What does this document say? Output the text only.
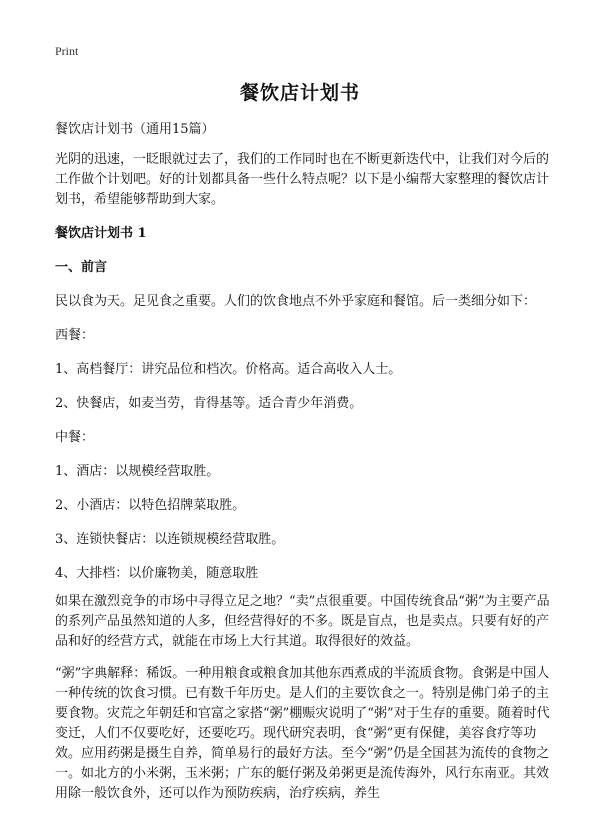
Print
餐饮店计划书

餐饮店计划书（通用15篇）

光阴的迅速，一眨眼就过去了，我们的工作同时也在不断更新迭代中，让我们对今后的工作做个计划吧。好的计划都具备一些什么特点呢？以下是小编帮大家整理的餐饮店计划书，希望能够帮助到大家。

餐饮店计划书 1

一、前言

民以食为天。足见食之重要。人们的饮食地点不外乎家庭和餐馆。后一类细分如下：

西餐：

1、高档餐厅：讲究品位和档次。价格高。适合高收入人士。

2、快餐店，如麦当劳，肯得基等。适合青少年消费。

中餐：

1、酒店：以规模经营取胜。

2、小酒店：以特色招牌菜取胜。

3、连锁快餐店：以连锁规模经营取胜。

4、大排档：以价廉物美，随意取胜

如果在激烈竞争的市场中寻得立足之地？“卖”点很重要。中国传统食品“粥”为主要产品的系列产品虽然知道的人多，但经营得好的不多。既是盲点，也是卖点。只要有好的产品和好的经营方式，就能在市场上大行其道。取得很好的效益。

“粥”字典解释：稀饭。一种用粮食或粮食加其他东西煮成的半流质食物。食粥是中国人一种传统的饮食习惯。已有数千年历史。是人们的主要饮食之一。特别是佛门弟子的主要食物。灾荒之年朝廷和官富之家搭“粥”棚赈灾说明了“粥”对于生存的重要。随着时代变迁，人们不仅要吃好，还要吃巧。现代研究表明，食“粥”更有保健，美容食疗等功效。应用药粥是摄生自养，简单易行的最好方法。至今“粥”仍是全国甚为流传的食物之一。如北方的小米粥，玉米粥；广东的艇仔粥及弟粥更是流传海外，风行东南亚。其效用除一般饮食外，还可以作为预防疾病，治疗疾病，养生
